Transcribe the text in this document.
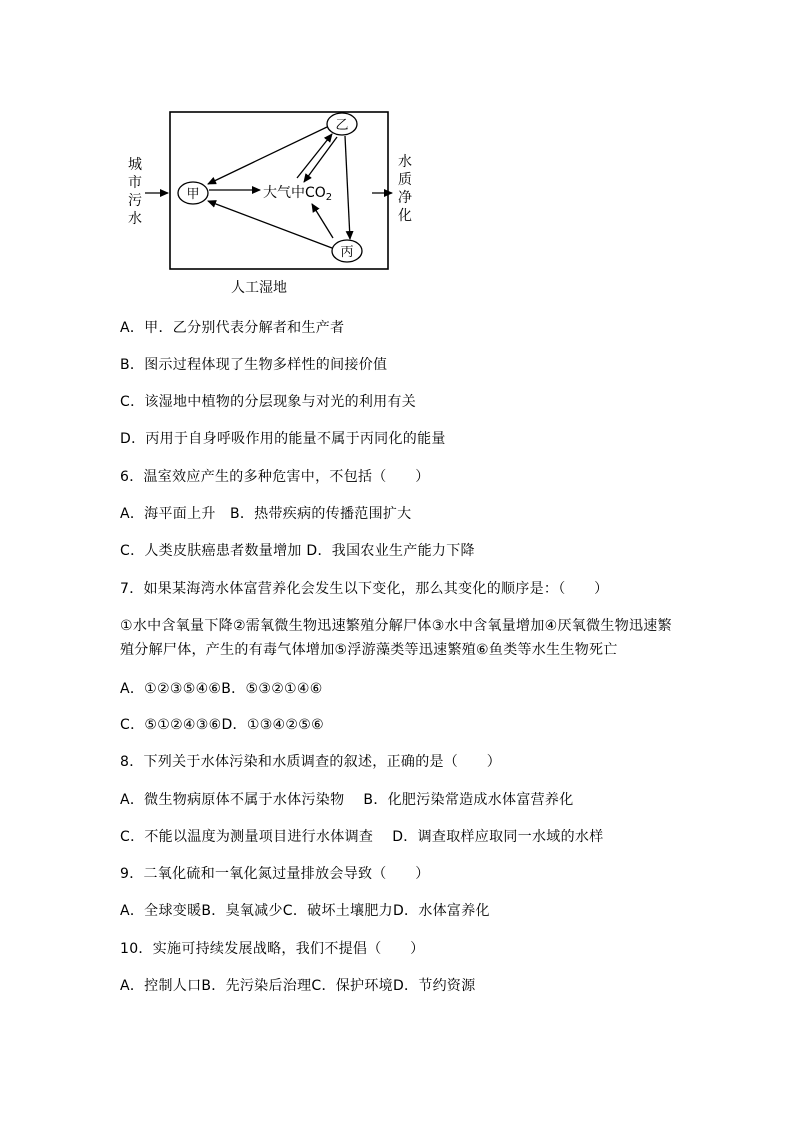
城
市
污
水
水
质
净
化
甲
乙
丙
大气中$CO_2$
人工湿地
A．甲．乙分别代表分解者和生产者
B．图示过程体现了生物多样性的间接价值
C．该湿地中植物的分层现象与对光的利用有关
D．丙用于自身呼吸作用的能量不属于丙同化的能量
6．温室效应产生的多种危害中，不包括（　　）
A．海平面上升　B．热带疾病的传播范围扩大
C．人类皮肤癌患者数量增加 D．我国农业生产能力下降
7．如果某海湾水体富营养化会发生以下变化，那么其变化的顺序是：（　　）
①水中含氧量下降②需氧微生物迅速繁殖分解尸体③水中含氧量增加④厌氧微生物迅速繁殖分解尸体，产生的有毒气体增加⑤浮游藻类等迅速繁殖⑥鱼类等水生生物死亡
A．①②③⑤④⑥B．⑤③②①④⑥
C．⑤①②④③⑥D．①③④②⑤⑥
8．下列关于水体污染和水质调查的叙述，正确的是（　　）
A．微生物病原体不属于水体污染物　 B．化肥污染常造成水体富营养化
C．不能以温度为测量项目进行水体调查　 D．调查取样应取同一水域的水样
9．二氧化硫和一氧化氮过量排放会导致（　　）
A．全球变暖B．臭氧减少C．破坏土壤肥力D．水体富养化
10．实施可持续发展战略，我们不提倡（　　）
A．控制人口B．先污染后治理C．保护环境D．节约资源
